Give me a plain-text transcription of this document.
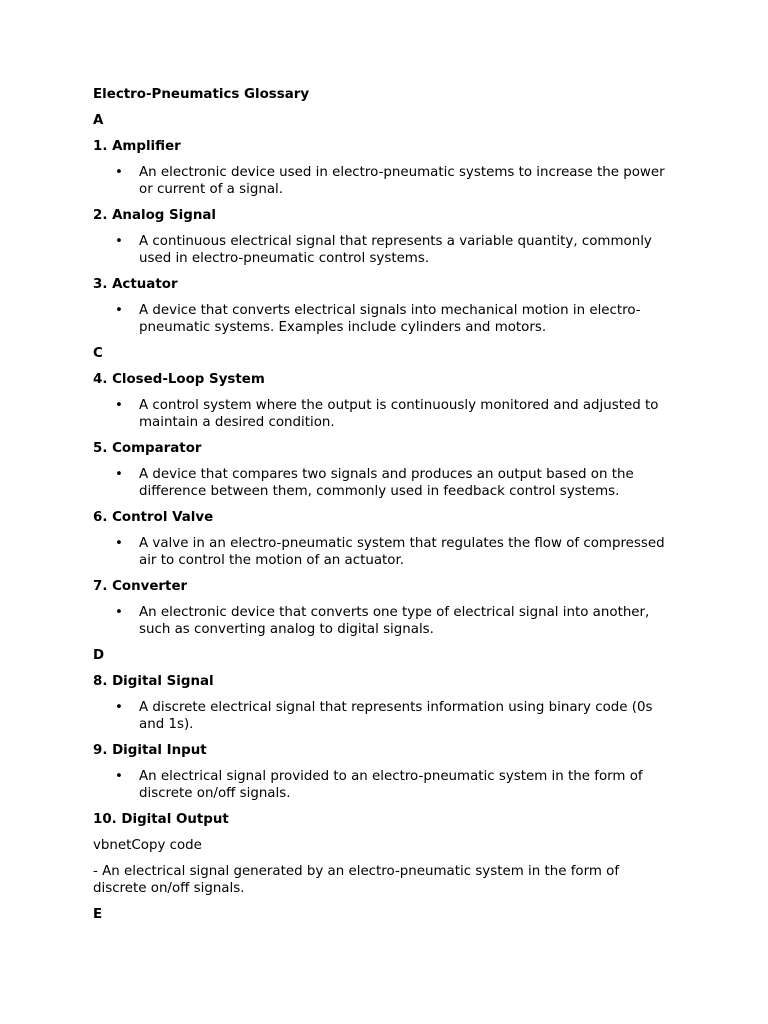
Electro-Pneumatics Glossary

A

1. Amplifier

• An electronic device used in electro-pneumatic systems to increase the power or current of a signal.

2. Analog Signal

• A continuous electrical signal that represents a variable quantity, commonly used in electro-pneumatic control systems.

3. Actuator

• A device that converts electrical signals into mechanical motion in electro-pneumatic systems. Examples include cylinders and motors.

C

4. Closed-Loop System

• A control system where the output is continuously monitored and adjusted to maintain a desired condition.

5. Comparator

• A device that compares two signals and produces an output based on the difference between them, commonly used in feedback control systems.

6. Control Valve

• A valve in an electro-pneumatic system that regulates the flow of compressed air to control the motion of an actuator.

7. Converter

• An electronic device that converts one type of electrical signal into another, such as converting analog to digital signals.

D

8. Digital Signal

• A discrete electrical signal that represents information using binary code (0s and 1s).

9. Digital Input

• An electrical signal provided to an electro-pneumatic system in the form of discrete on/off signals.

10. Digital Output

vbnetCopy code

- An electrical signal generated by an electro-pneumatic system in the form of discrete on/off signals.

E
